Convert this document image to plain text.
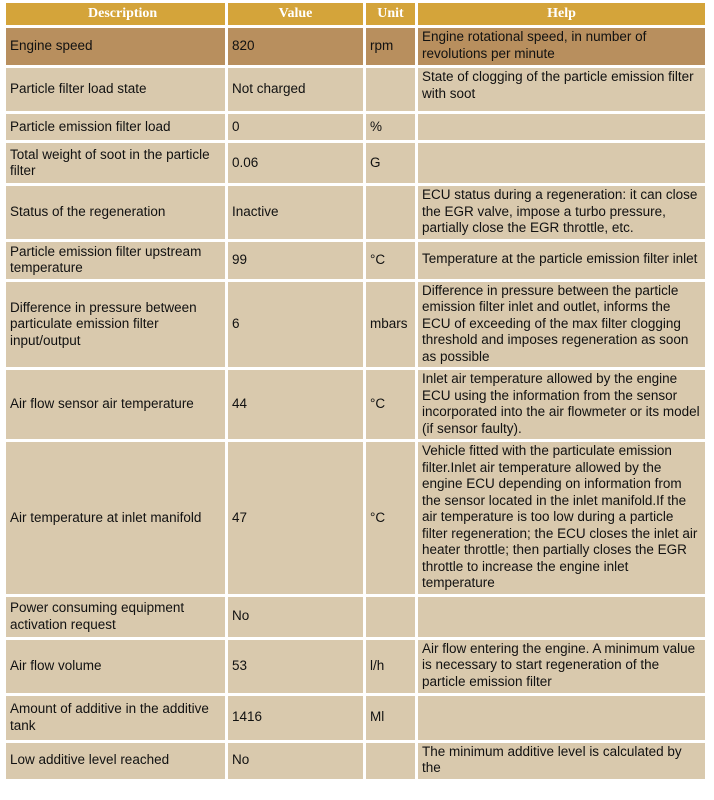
Description	Value	Unit	Help
Engine speed	820	rpm	Engine rotational speed, in number of revolutions per minute
Particle filter load state	Not charged		State of clogging of the particle emission filter with soot
Particle emission filter load	0	%	
Total weight of soot in the particle filter	0.06	G	
Status of the regeneration	Inactive		ECU status during a regeneration: it can close the EGR valve, impose a turbo pressure, partially close the EGR throttle, etc.
Particle emission filter upstream temperature	99	°C	Temperature at the particle emission filter inlet
Difference in pressure between particulate emission filter input/output	6	mbars	Difference in pressure between the particle emission filter inlet and outlet, informs the ECU of exceeding of the max filter clogging threshold and imposes regeneration as soon as possible
Air flow sensor air temperature	44	°C	Inlet air temperature allowed by the engine ECU using the information from the sensor incorporated into the air flowmeter or its model (if sensor faulty).
Air temperature at inlet manifold	47	°C	Vehicle fitted with the particulate emission filter.Inlet air temperature allowed by the engine ECU depending on information from the sensor located in the inlet manifold.If the air temperature is too low during a particle filter regeneration; the ECU closes the inlet air heater throttle; then partially closes the EGR throttle to increase the engine inlet temperature
Power consuming equipment activation request	No		
Air flow volume	53	l/h	Air flow entering the engine. A minimum value is necessary to start regeneration of the particle emission filter
Amount of additive in the additive tank	1416	Ml	
Low additive level reached	No		The minimum additive level is calculated by the
